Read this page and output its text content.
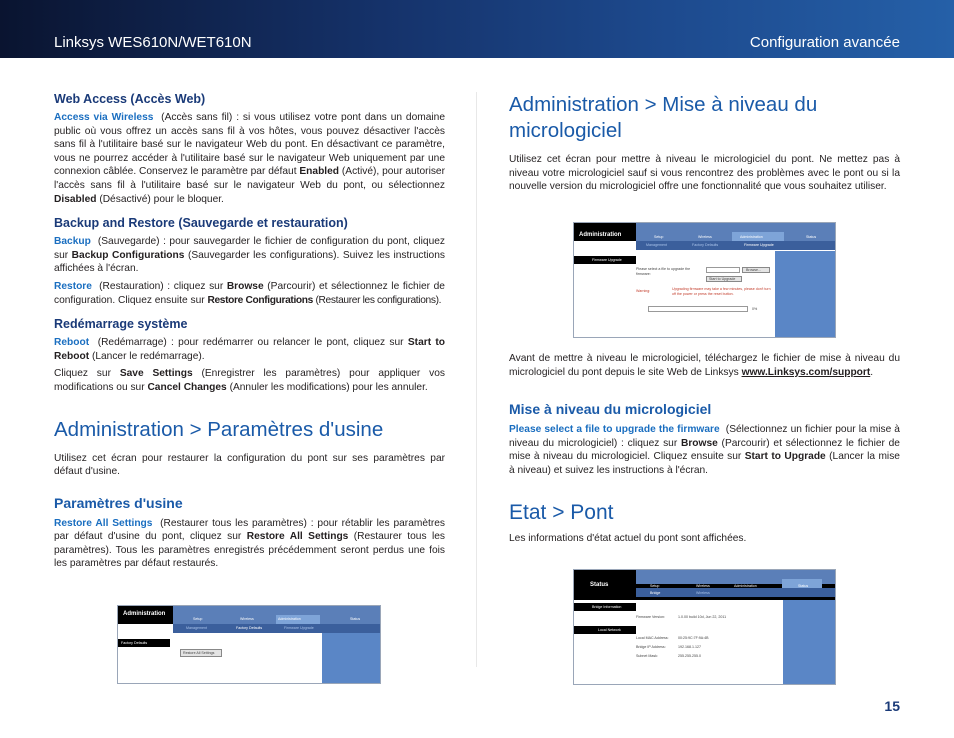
Linksys WES610N/WET610N	Configuration avancée
Web Access (Accès Web)

Access via Wireless (Accès sans fil) : si vous utilisez votre pont dans un domaine public où vous offrez un accès sans fil à vos hôtes, vous pouvez désactiver l'accès sans fil à l'utilitaire basé sur le navigateur Web du pont. En désactivant ce paramètre, vous ne pourrez accéder à l'utilitaire basé sur le navigateur Web uniquement par une connexion câblée. Conservez le paramètre par défaut Enabled (Activé), pour autoriser l'accès sans fil à l'utilitaire basé sur le navigateur Web du pont, ou sélectionnez Disabled (Désactivé) pour le bloquer.

Backup and Restore (Sauvegarde et restauration)

Backup (Sauvegarde) : pour sauvegarder le fichier de configuration du pont, cliquez sur Backup Configurations (Sauvegarder les configurations). Suivez les instructions affichées à l'écran.

Restore (Restauration) : cliquez sur Browse (Parcourir) et sélectionnez le fichier de configuration. Cliquez ensuite sur Restore Configurations (Restaurer les configurations).

Redémarrage système

Reboot (Redémarrage) : pour redémarrer ou relancer le pont, cliquez sur Start to Reboot (Lancer le redémarrage).

Cliquez sur Save Settings (Enregistrer les paramètres) pour appliquer vos modifications ou sur Cancel Changes (Annuler les modifications) pour les annuler.

Administration > Paramètres d'usine

Utilisez cet écran pour restaurer la configuration du pont sur ses paramètres par défaut d'usine.

Paramètres d'usine

Restore All Settings (Restaurer tous les paramètres) : pour rétablir les paramètres par défaut d'usine du pont, cliquez sur Restore All Settings (Restaurer tous les paramètres). Tous les paramètres enregistrés précédemment seront perdus une fois les paramètres par défaut restaurés.

Administration
Setup	Wireless	Administration	Status
Management	Factory Defaults	Firmware Upgrade
Factory Defaults
Restore All Settings
Administration > Mise à niveau du micrologiciel

Utilisez cet écran pour mettre à niveau le micrologiciel du pont. Ne mettez pas à niveau votre micrologiciel sauf si vous rencontrez des problèmes avec le pont ou si la nouvelle version du micrologiciel offre une fonctionnalité que vous souhaitez utiliser.

Administration	Setup	Wireless	Administration	Status
Management	Factory Defaults	Firmware Upgrade
Firmware Upgrade
Please select a file to upgrade the firmware:
Browse...
Start to Upgrade
Warning:	Upgrading firmware may take a few minutes, please don't turn off the power or press the reset button.
0%

Avant de mettre à niveau le micrologiciel, téléchargez le fichier de mise à niveau du micrologiciel du pont depuis le site Web de Linksys www.Linksys.com/support.

Mise à niveau du micrologiciel

Please select a file to upgrade the firmware (Sélectionnez un fichier pour la mise à niveau du micrologiciel) : cliquez sur Browse (Parcourir) et sélectionnez le fichier de mise à niveau du micrologiciel. Cliquez ensuite sur Start to Upgrade (Lancer la mise à niveau) et suivez les instructions à l'écran.

Etat > Pont

Les informations d'état actuel du pont sont affichées.

Status	Setup	Wireless	Administration	Status
Bridge	Wireless
Bridge Information
Local Network
Firmware Version:	1.0.00 build 10d, Jun 22, 2011
Local MAC Address:	00:25:9C:7F:9A:4B
Bridge IP Address:	192.168.1.127
Subnet Mask:	255.255.255.0
15
